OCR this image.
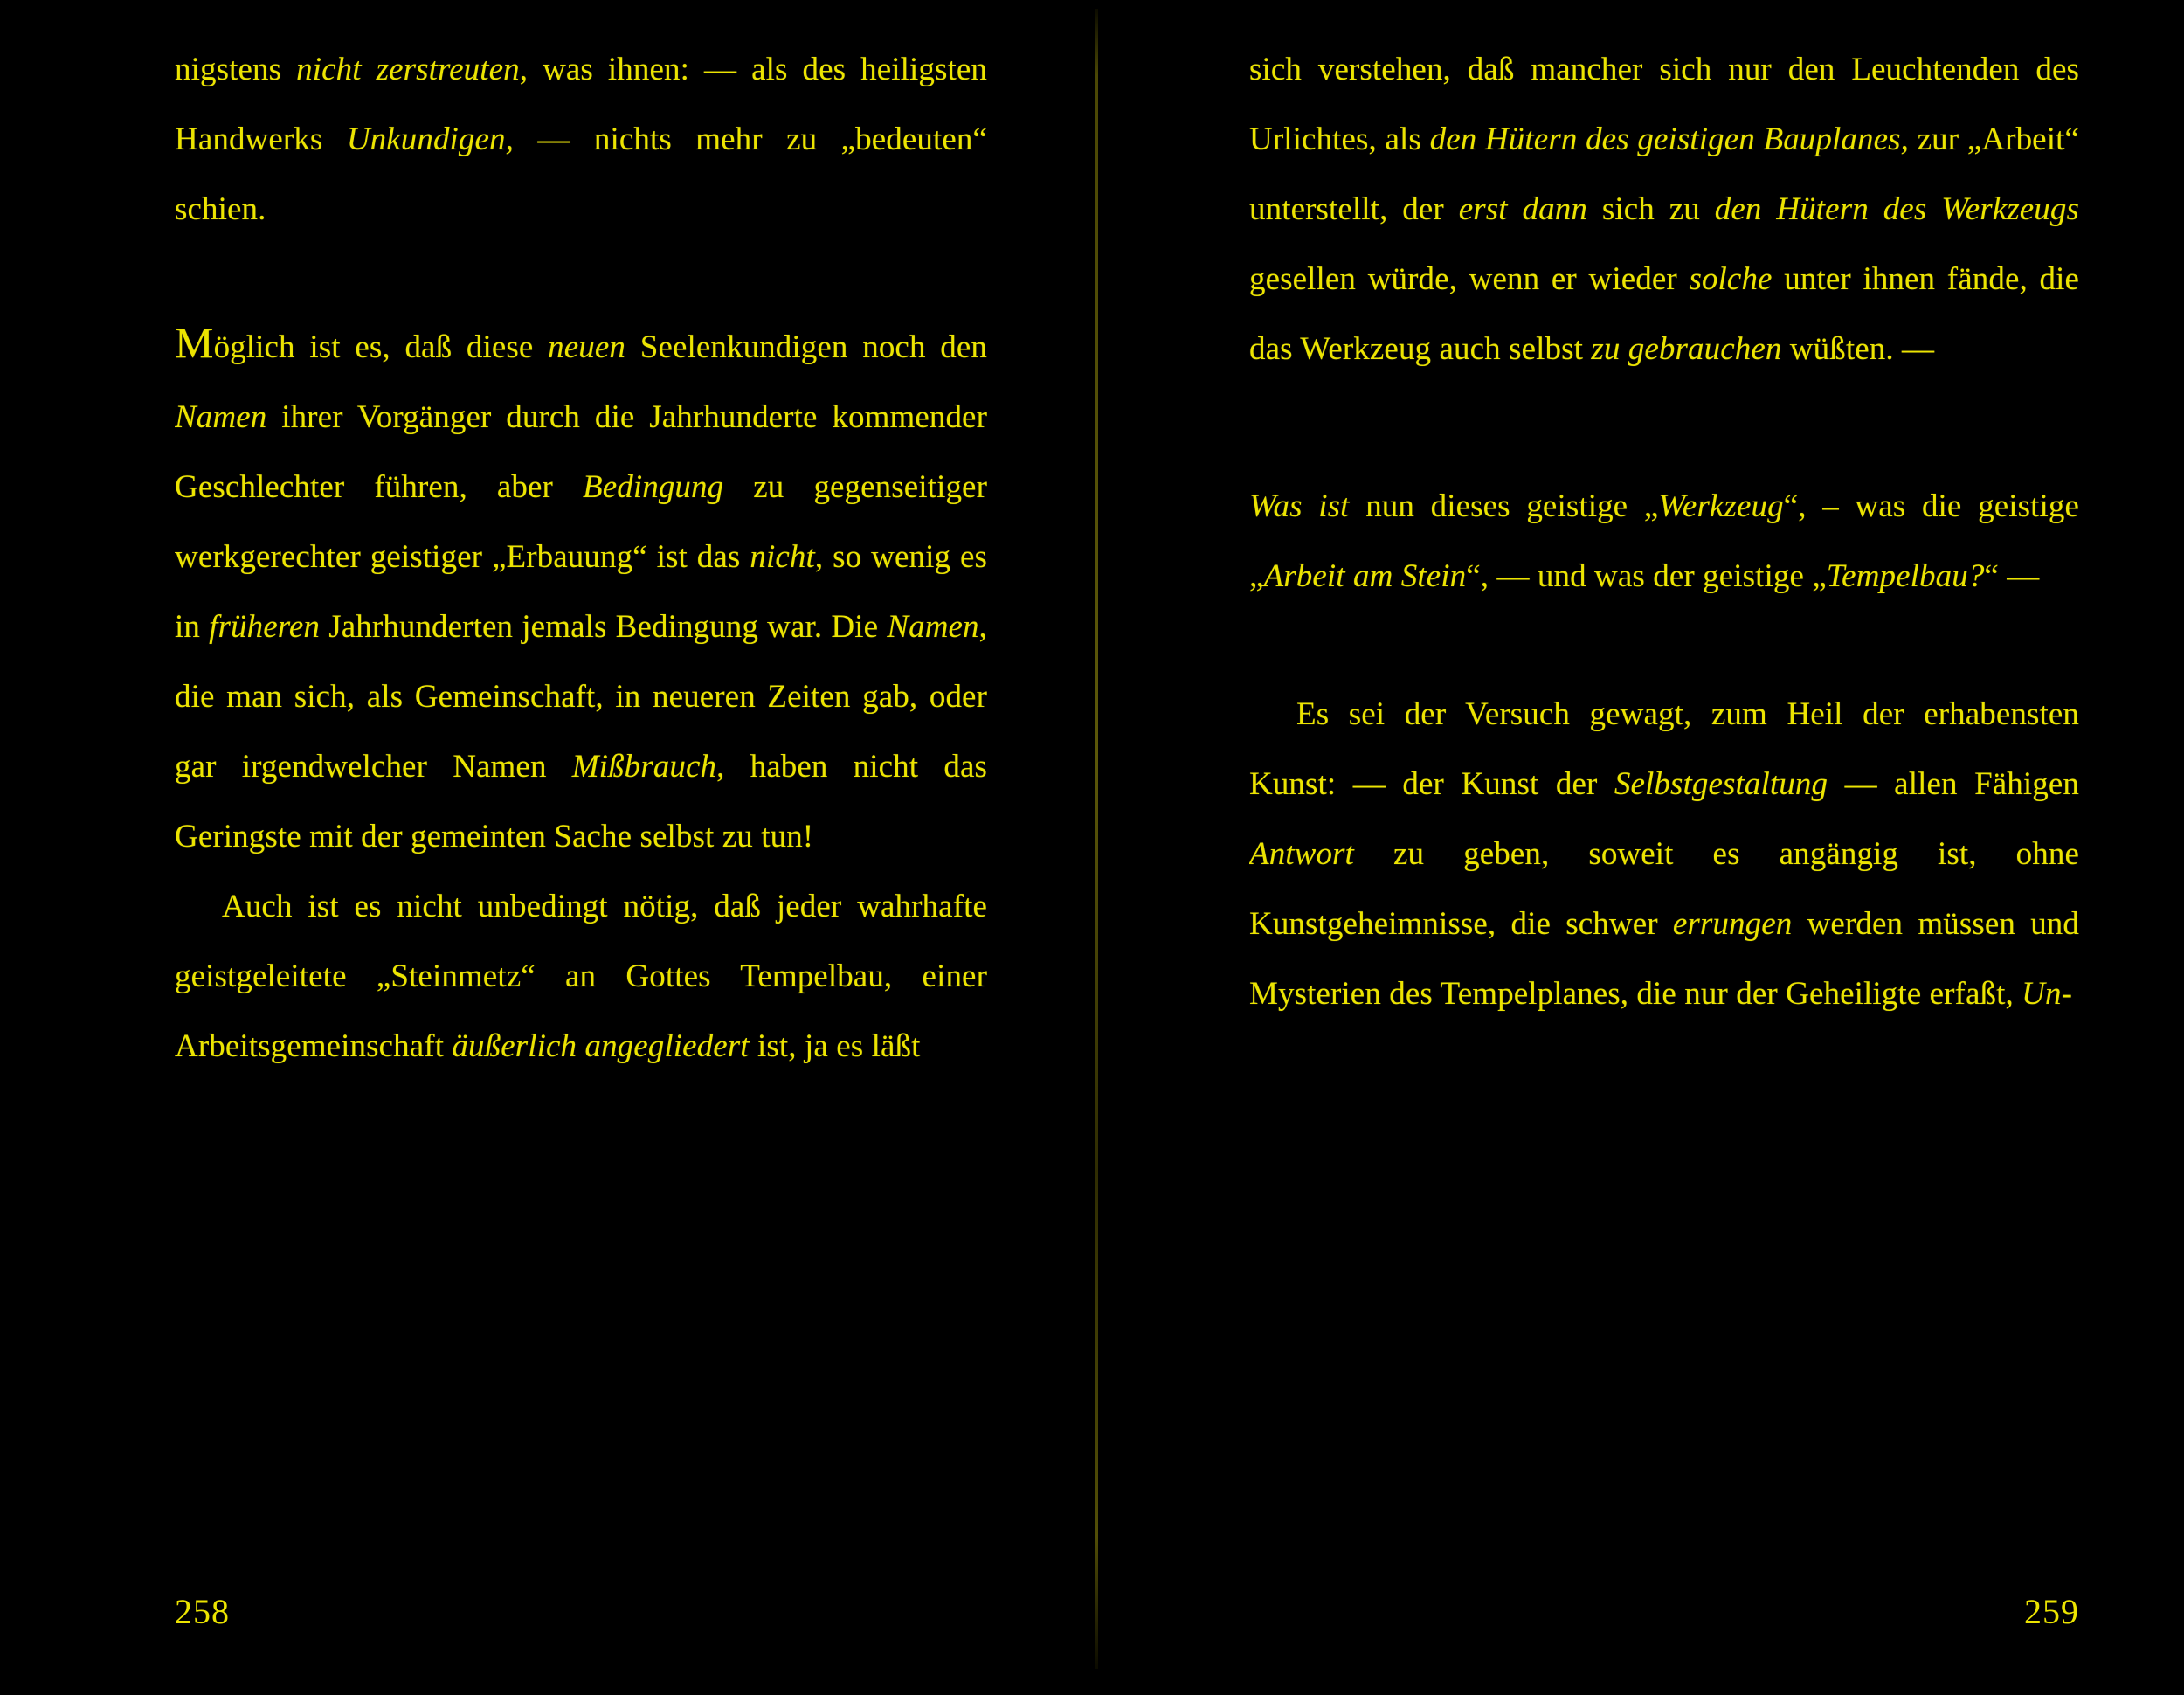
nigstens nicht zerstreuten, was ihnen: — als des heiligsten Handwerks Unkundigen, — nichts mehr zu „bedeuten“ schien.

Möglich ist es, daß diese neuen Seelenkundigen noch den Namen ihrer Vorgänger durch die Jahrhunderte kommender Geschlechter führen, aber Bedingung zu gegenseitiger werkgerechter geistiger „Erbauung“ ist das nicht, so wenig es in früheren Jahrhunderten jemals Bedingung war. Die Namen, die man sich, als Gemeinschaft, in neueren Zeiten gab, oder gar irgendwelcher Namen Mißbrauch, haben nicht das Geringste mit der gemeinten Sache selbst zu tun!

Auch ist es nicht unbedingt nötig, daß jeder wahrhafte geistgeleitete „Steinmetz“ an Gottes Tempelbau, einer Arbeitsgemeinschaft äußerlich angegliedert ist, ja es läßt

258

sich verstehen, daß mancher sich nur den Leuchtenden des Urlichtes, als den Hütern des geistigen Bauplanes, zur „Arbeit“ unterstellt, der erst dann sich zu den Hütern des Werkzeugs gesellen würde, wenn er wieder solche unter ihnen fände, die das Werkzeug auch selbst zu gebrauchen wüßten. —

Was ist nun dieses geistige „Werkzeug“, – was die geistige „Arbeit am Stein“, — und was der geistige „Tempelbau?“ —

Es sei der Versuch gewagt, zum Heil der erhabensten Kunst: — der Kunst der Selbstgestaltung — allen Fähigen Antwort zu geben, soweit es angängig ist, ohne Kunstgeheimnisse, die schwer errungen werden müssen und Mysterien des Tempelplanes, die nur der Geheiligte erfaßt, Un-

259
